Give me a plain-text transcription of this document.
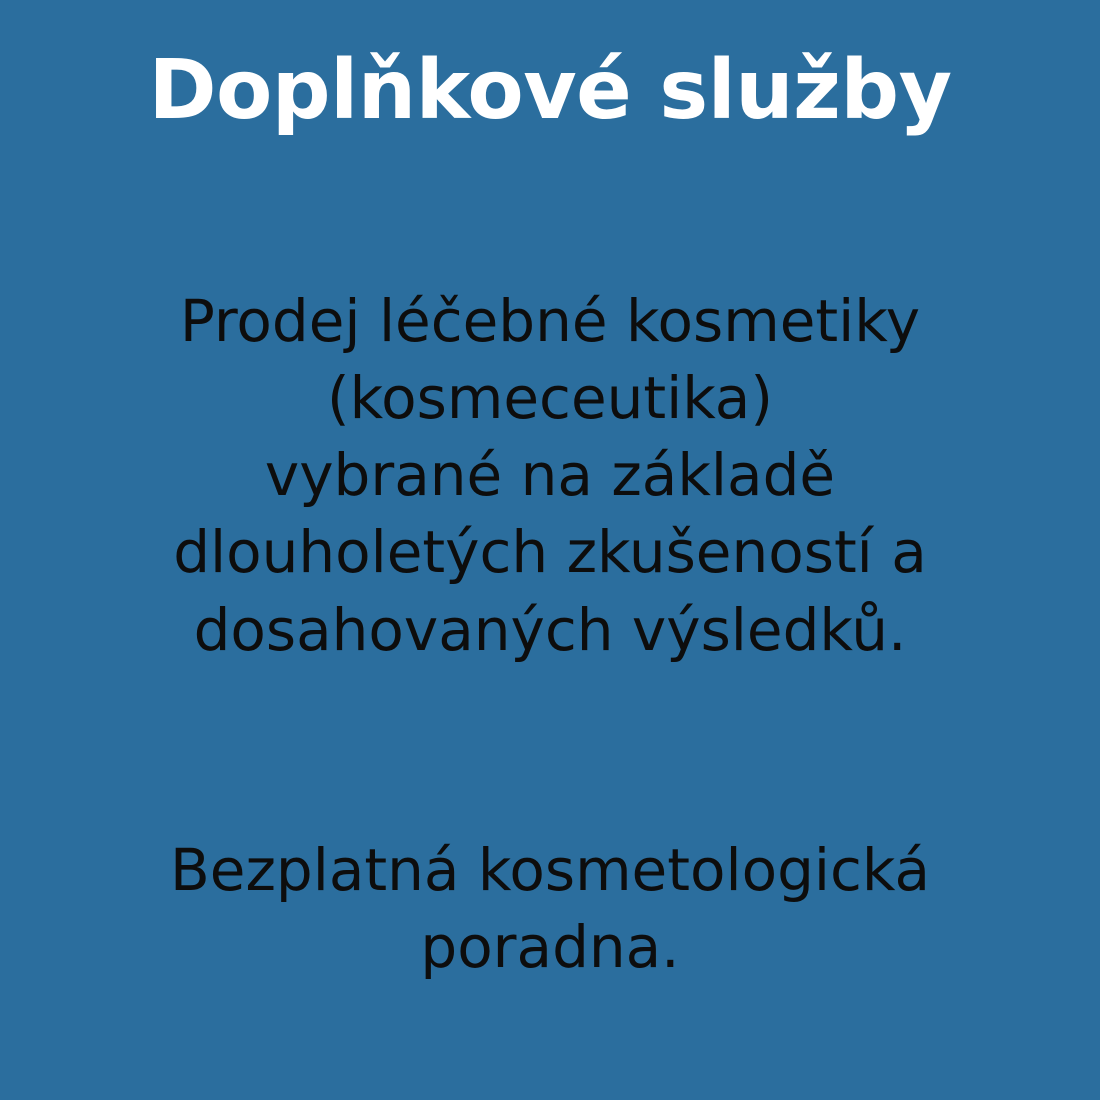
Doplňkové služby
Prodej léčebné kosmetiky
(kosmeceutika)
vybrané na základě
dlouholetých zkušeností a
dosahovaných výsledků.
Bezplatná kosmetologická
poradna.
